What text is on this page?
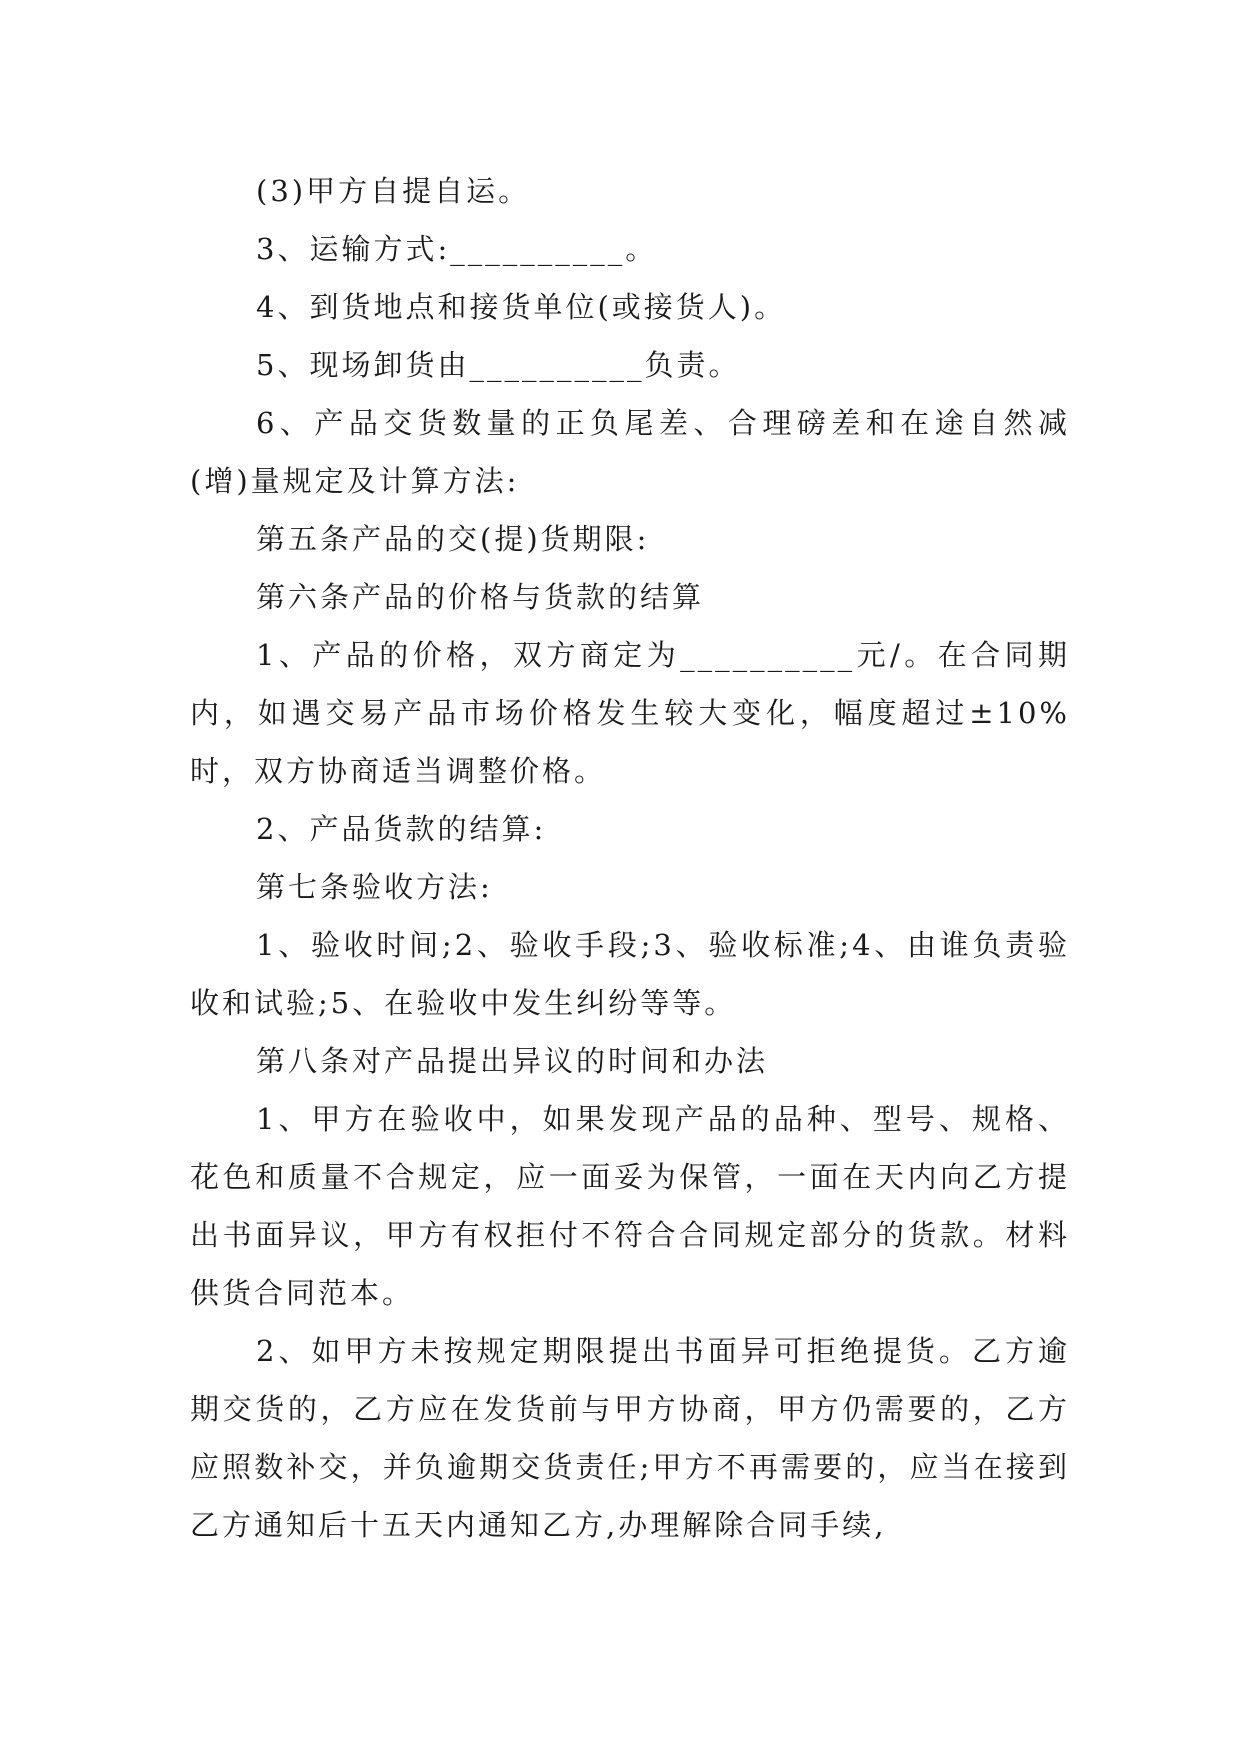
(3)甲方自提自运。

3、运输方式:__________。

4、到货地点和接货单位(或接货人)。

5、现场卸货由__________负责。

6、产品交货数量的正负尾差、合理磅差和在途自然减(增)量规定及计算方法:

第五条产品的交(提)货期限:

第六条产品的价格与货款的结算

1、产品的价格，双方商定为__________元/。在合同期内，如遇交易产品市场价格发生较大变化，幅度超过±10%时，双方协商适当调整价格。

2、产品货款的结算:

第七条验收方法:

1、验收时间;2、验收手段;3、验收标准;4、由谁负责验收和试验;5、在验收中发生纠纷等等。

第八条对产品提出异议的时间和办法

1、甲方在验收中，如果发现产品的品种、型号、规格、花色和质量不合规定，应一面妥为保管，一面在天内向乙方提出书面异议，甲方有权拒付不符合合同规定部分的货款。材料供货合同范本。

2、如甲方未按规定期限提出书面异可拒绝提货。乙方逾期交货的，乙方应在发货前与甲方协商，甲方仍需要的，乙方应照数补交，并负逾期交货责任;甲方不再需要的，应当在接到乙方通知后十五天内通知乙方,办理解除合同手续,
